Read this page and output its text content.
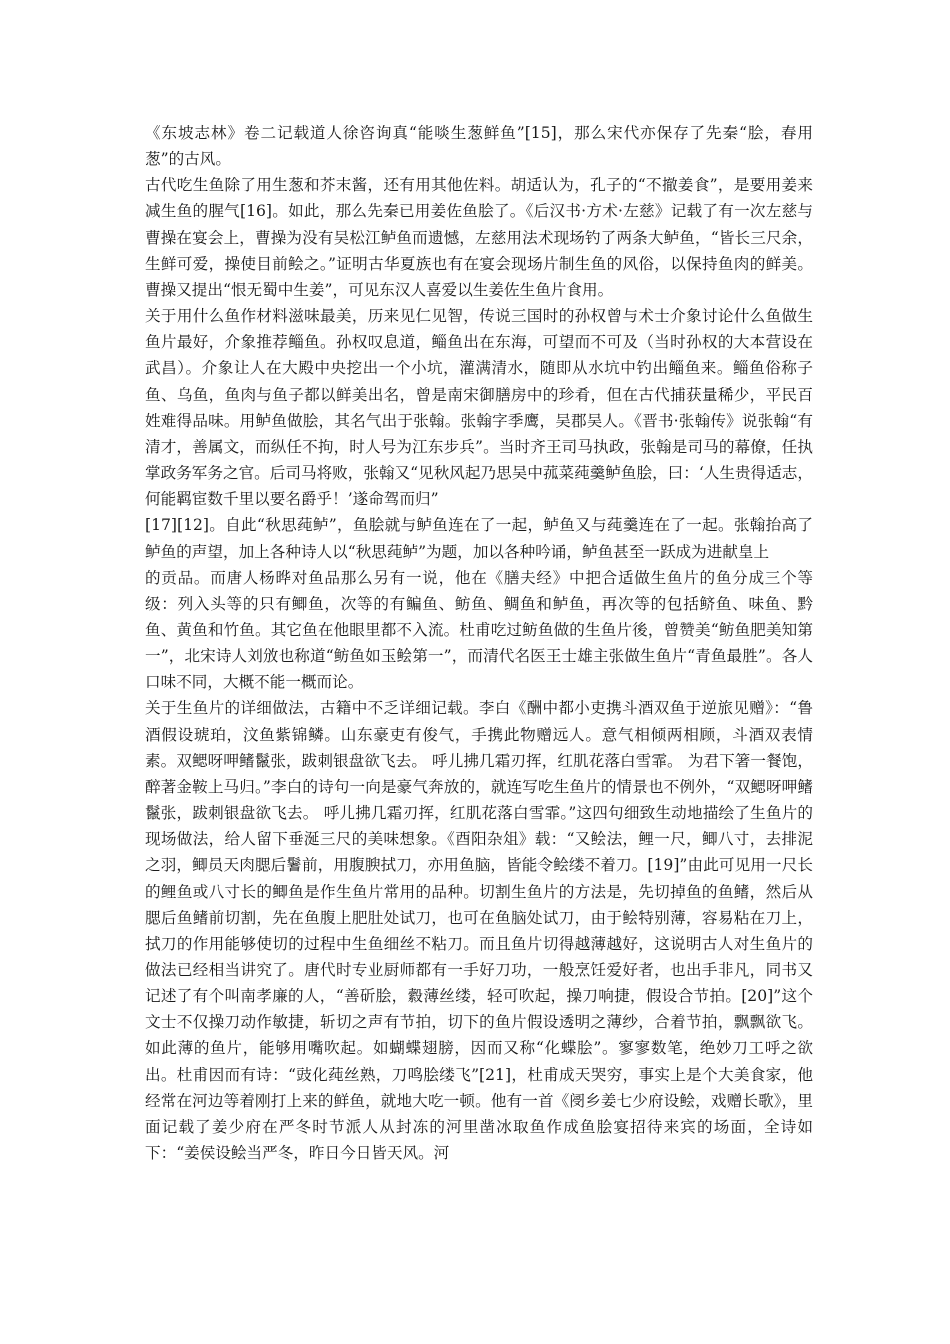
《东坡志林》卷二记载道人徐咨询真“能啖生葱鲜鱼”[15]，那么宋代亦保存了先秦“脍，春用葱”的古风。

古代吃生鱼除了用生葱和芥末酱，还有用其他佐料。胡适认为，孔子的“不撤姜食”，是要用姜来减生鱼的腥气[16]。如此，那么先秦已用姜佐鱼脍了。《后汉书·方术·左慈》记载了有一次左慈与曹操在宴会上，曹操为没有吴松江鲈鱼而遗憾，左慈用法术现场钓了两条大鲈鱼，“皆长三尺余，生鲜可爱，操使目前鲙之。”证明古华夏族也有在宴会现场片制生鱼的风俗，以保持鱼肉的鲜美。曹操又提出“恨无蜀中生姜”，可见东汉人喜爱以生姜佐生鱼片食用。

关于用什么鱼作材料滋味最美，历来见仁见智，传说三国时的孙权曾与术士介象讨论什么鱼做生鱼片最好，介象推荐鲻鱼。孙权叹息道，鲻鱼出在东海，可望而不可及（当时孙权的大本营设在武昌）。介象让人在大殿中央挖出一个小坑，灌满清水，随即从水坑中钓出鲻鱼来。鲻鱼俗称子鱼、乌鱼，鱼肉与鱼子都以鲜美出名，曾是南宋御膳房中的珍肴，但在古代捕获量稀少，平民百姓难得品味。用鲈鱼做脍，其名气出于张翰。张翰字季鹰，吴郡吴人。《晋书·张翰传》说张翰“有清才，善属文，而纵任不拘，时人号为江东步兵”。当时齐王司马执政，张翰是司马的幕僚，任执掌政务军务之官。后司马将败，张翰又“见秋风起乃思吴中菰菜莼羹鲈鱼脍，曰：‘人生贵得适志，何能羁宦数千里以要名爵乎！’遂命驾而归”

[17][12]。自此“秋思莼鲈”，鱼脍就与鲈鱼连在了一起，鲈鱼又与莼羹连在了一起。张翰抬高了鲈鱼的声望，加上各种诗人以“秋思莼鲈”为题，加以各种吟诵，鲈鱼甚至一跃成为进献皇上

的贡品。而唐人杨晔对鱼品那么另有一说，他在《膳夫经》中把合适做生鱼片的鱼分成三个等级：列入头等的只有鲫鱼，次等的有鳊鱼、鲂鱼、鲷鱼和鲈鱼，再次等的包括鲚鱼、味鱼、黔鱼、黄鱼和竹鱼。其它鱼在他眼里都不入流。杜甫吃过鲂鱼做的生鱼片後，曾赞美“鲂鱼肥美知第一”，北宋诗人刘攽也称道“鲂鱼如玉鲙第一”，而清代名医王士雄主张做生鱼片“青鱼最胜”。各人口味不同，大概不能一概而论。

关于生鱼片的详细做法，古籍中不乏详细记载。李白《酬中都小吏携斗酒双鱼于逆旅见赠》：“鲁酒假设琥珀，汶鱼紫锦鳞。山东豪吏有俊气，手携此物赠远人。意气相倾两相顾，斗酒双表情素。双鳃呀呷鳍鬣张，跋刺银盘欲飞去。 呼儿拂几霜刃挥，红肌花落白雪霏。 为君下箸一餐饱，醉著金鞍上马归。”李白的诗句一向是豪气奔放的，就连写吃生鱼片的情景也不例外，“双鳃呀呷鳍鬣张，跋刺银盘欲飞去。 呼儿拂几霜刃挥，红肌花落白雪霏。”这四句细致生动地描绘了生鱼片的现场做法，给人留下垂涎三尺的美味想象。《酉阳杂俎》载：“又鲙法，鲤一尺，鲫八寸，去排泥之羽，鲫员天肉腮后鬐前，用腹腴拭刀，亦用鱼脑，皆能令鲙缕不着刀。[19]”由此可见用一尺长的鲤鱼或八寸长的鲫鱼是作生鱼片常用的品种。切割生鱼片的方法是，先切掉鱼的鱼鳍，然后从腮后鱼鳍前切割，先在鱼腹上肥肚处试刀，也可在鱼脑处试刀，由于鲙特别薄，容易粘在刀上，拭刀的作用能够使切的过程中生鱼细丝不粘刀。而且鱼片切得越薄越好，这说明古人对生鱼片的做法已经相当讲究了。唐代时专业厨师都有一手好刀功，一般烹饪爱好者，也出手非凡，同书又记述了有个叫南孝廉的人，“善斫脍，縠薄丝缕，轻可吹起，操刀响捷，假设合节拍。[20]”这个文士不仅操刀动作敏捷，斩切之声有节拍，切下的鱼片假设透明之薄纱，合着节拍，飘飘欲飞。如此薄的鱼片，能够用嘴吹起。如蝴蝶翅膀，因而又称“化蝶脍”。寥寥数笔，绝妙刀工呼之欲出。杜甫因而有诗：“豉化莼丝熟，刀鸣脍缕飞”[21]，杜甫成天哭穷，事实上是个大美食家，他经常在河边等着刚打上来的鲜鱼，就地大吃一顿。他有一首《阌乡姜七少府设鲙，戏赠长歌》，里面记载了姜少府在严冬时节派人从封冻的河里凿冰取鱼作成鱼脍宴招待来宾的场面，全诗如下：“姜侯设鲙当严冬，昨日今日皆天风。河
